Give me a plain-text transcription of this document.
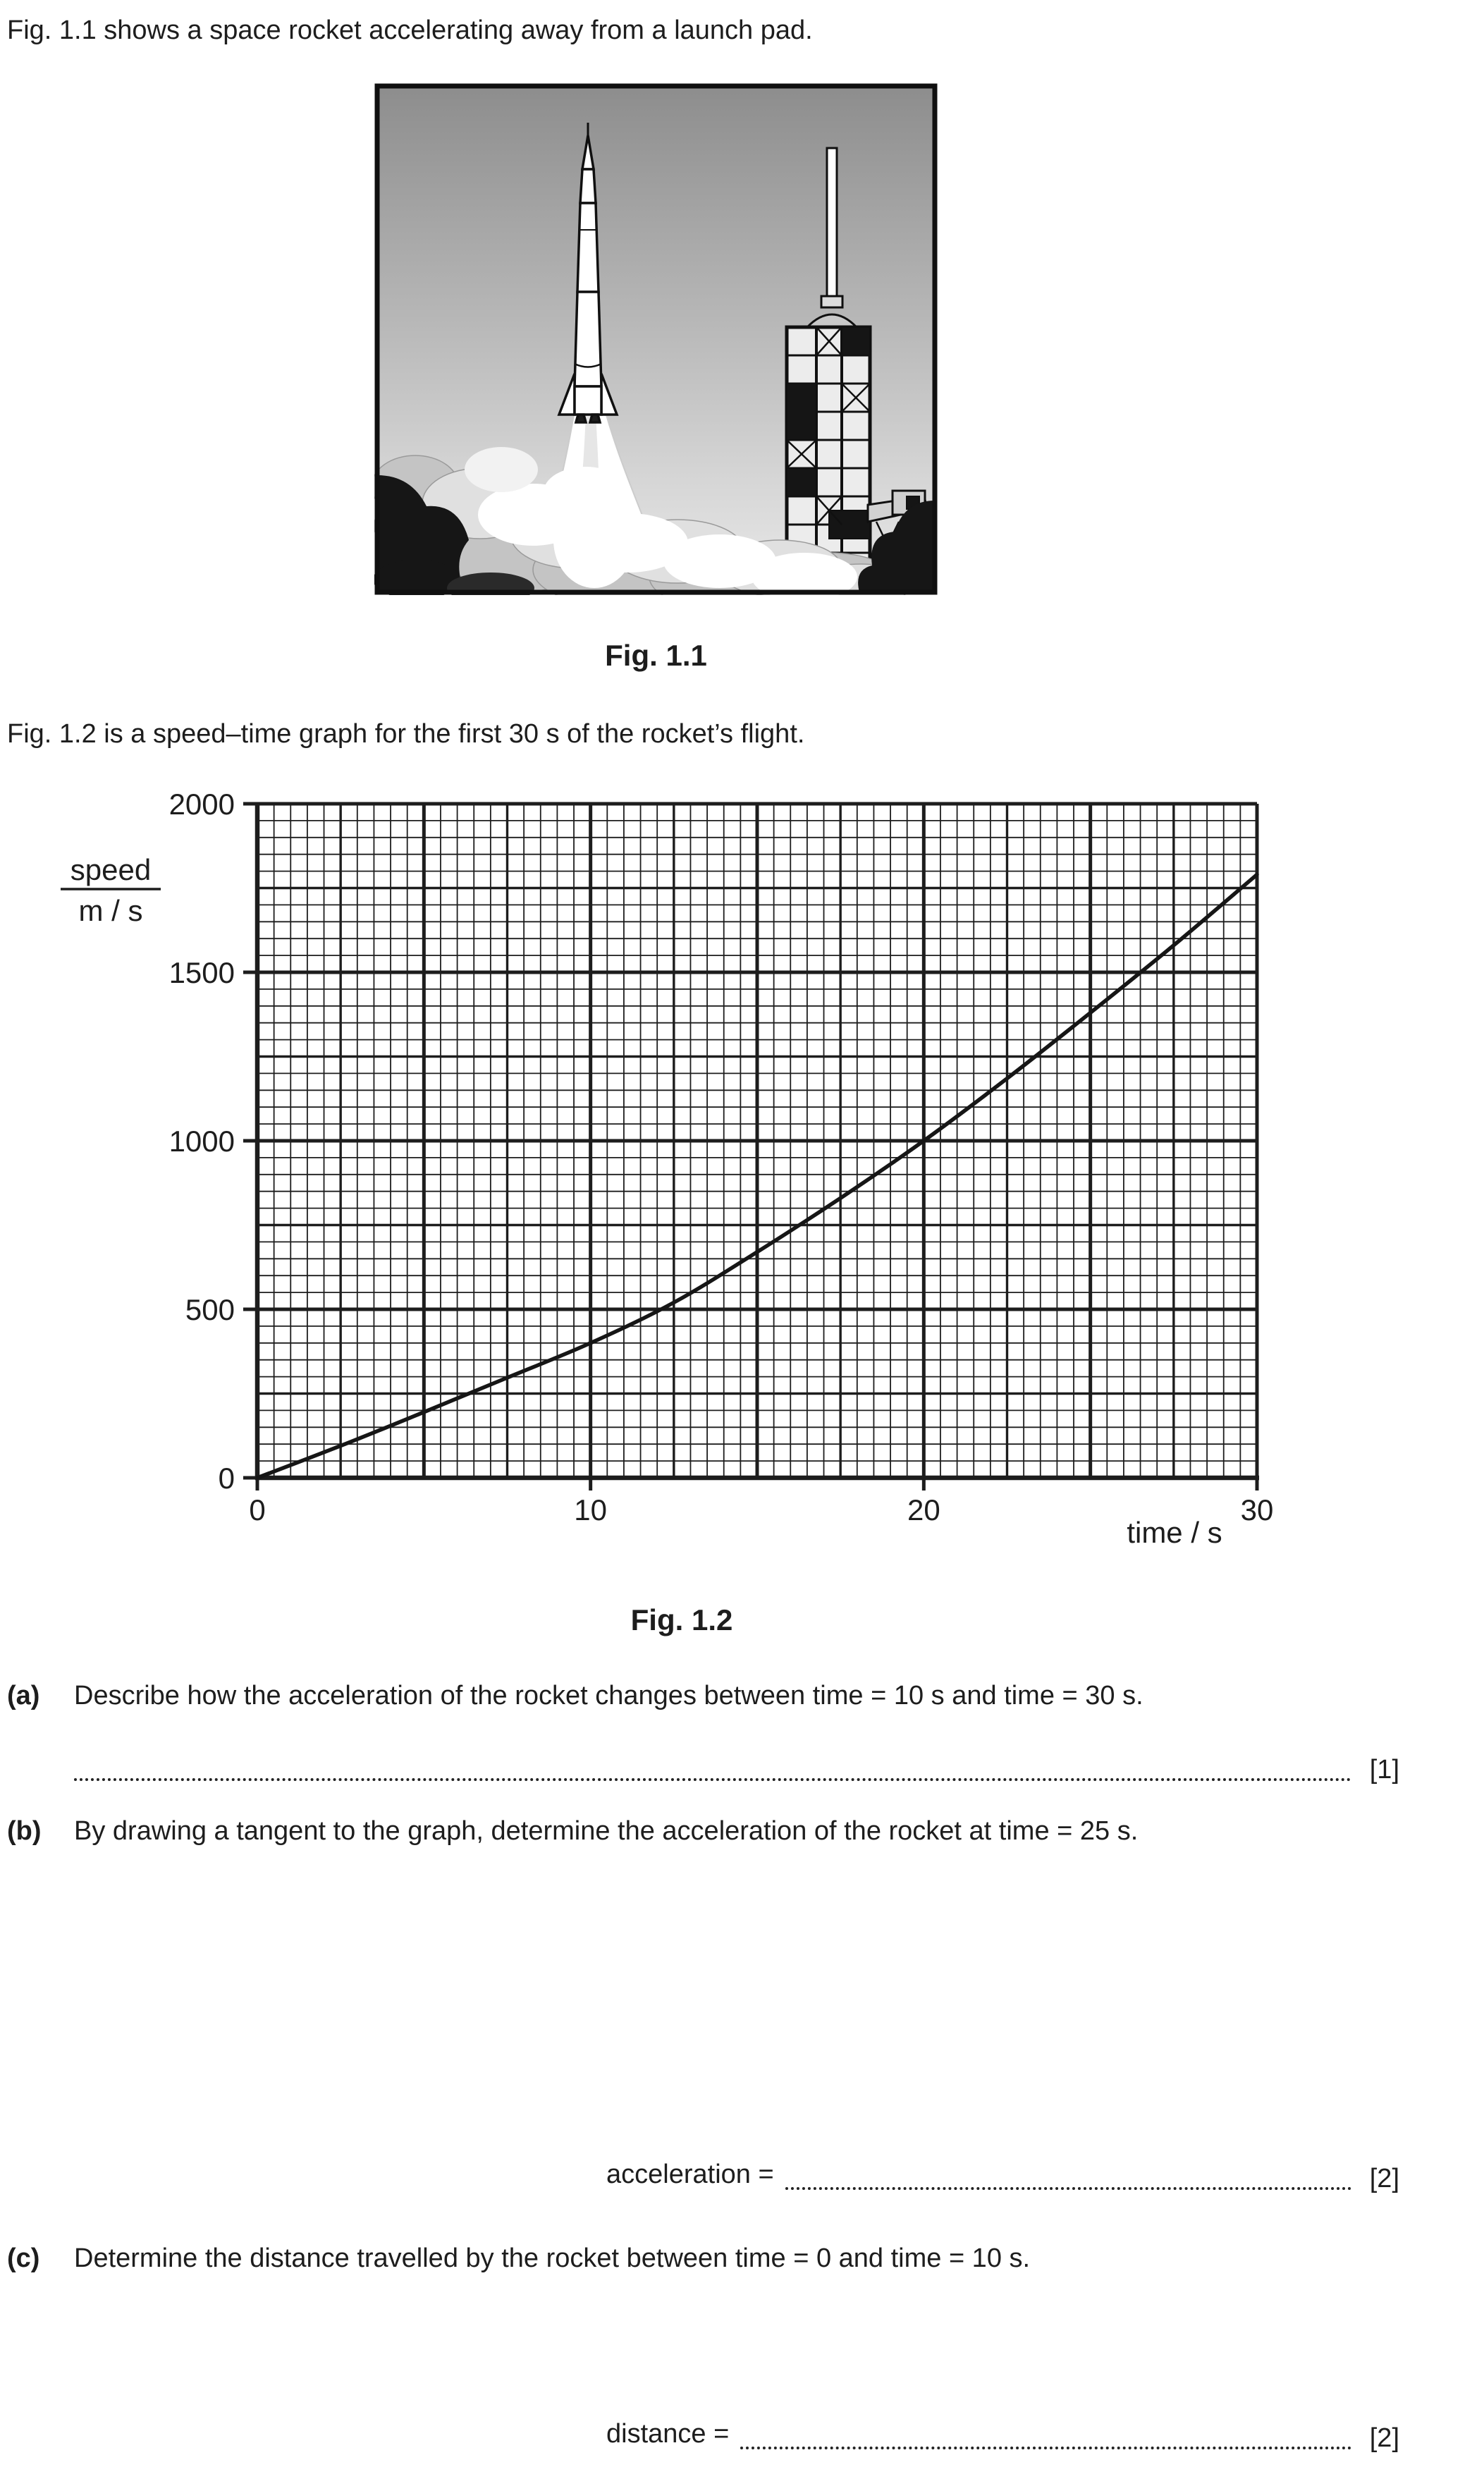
Fig. 1.1 shows a space rocket accelerating away from a launch pad.
Fig. 1.1
Fig. 1.2 is a speed–time graph for the first 30 s of the rocket’s flight.
0	10	20	30
0
500
1000
1500
2000
time / s
speed
m / s
Fig. 1.2
(a) Describe how the acceleration of the rocket changes between time = 10 s and time = 30 s.
[1]
(b) By drawing a tangent to the graph, determine the acceleration of the rocket at time = 25 s.
acceleration =	[2]
(c) Determine the distance travelled by the rocket between time = 0 and time = 10 s.
distance =	[2]
